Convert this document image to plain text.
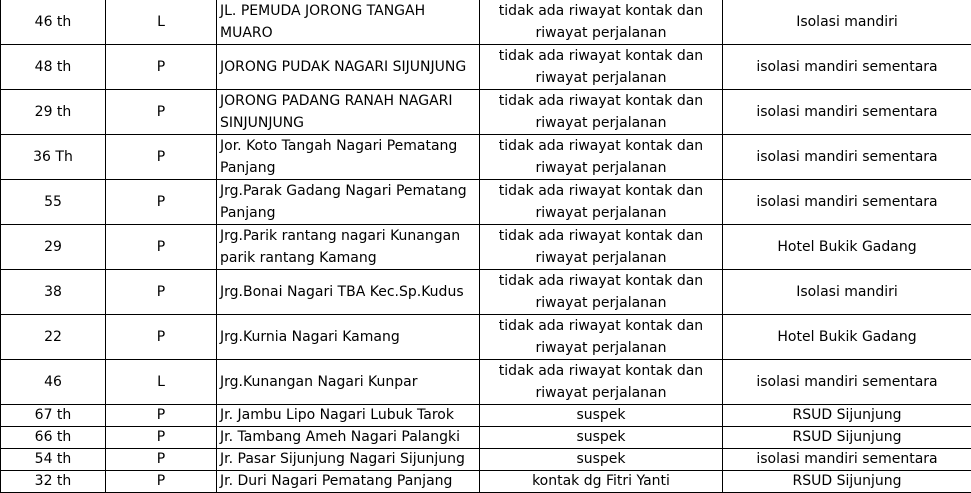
46 th	L	JL. PEMUDA JORONG TANGAH MUARO	tidak ada riwayat kontak dan riwayat perjalanan	Isolasi mandiri
48 th	P	JORONG PUDAK NAGARI SIJUNJUNG	tidak ada riwayat kontak dan riwayat perjalanan	isolasi mandiri sementara
29 th	P	JORONG PADANG RANAH NAGARI SINJUNJUNG	tidak ada riwayat kontak dan riwayat perjalanan	isolasi mandiri sementara
36 Th	P	Jor. Koto Tangah Nagari Pematang Panjang	tidak ada riwayat kontak dan riwayat perjalanan	isolasi mandiri sementara
55	P	Jrg.Parak Gadang Nagari Pematang Panjang	tidak ada riwayat kontak dan riwayat perjalanan	isolasi mandiri sementara
29	P	Jrg.Parik rantang nagari Kunangan parik rantang Kamang	tidak ada riwayat kontak dan riwayat perjalanan	Hotel Bukik Gadang
38	P	Jrg.Bonai Nagari TBA Kec.Sp.Kudus	tidak ada riwayat kontak dan riwayat perjalanan	Isolasi mandiri
22	P	Jrg.Kurnia Nagari Kamang	tidak ada riwayat kontak dan riwayat perjalanan	Hotel Bukik Gadang
46	L	Jrg.Kunangan Nagari Kunpar	tidak ada riwayat kontak dan riwayat perjalanan	isolasi mandiri sementara
67 th	P	Jr. Jambu Lipo Nagari Lubuk Tarok	suspek	RSUD Sijunjung
66 th	P	Jr. Tambang Ameh Nagari Palangki	suspek	RSUD Sijunjung
54 th	P	Jr. Pasar Sijunjung Nagari Sijunjung	suspek	isolasi mandiri sementara
32 th	P	Jr. Duri Nagari Pematang Panjang	kontak dg Fitri Yanti	RSUD Sijunjung
